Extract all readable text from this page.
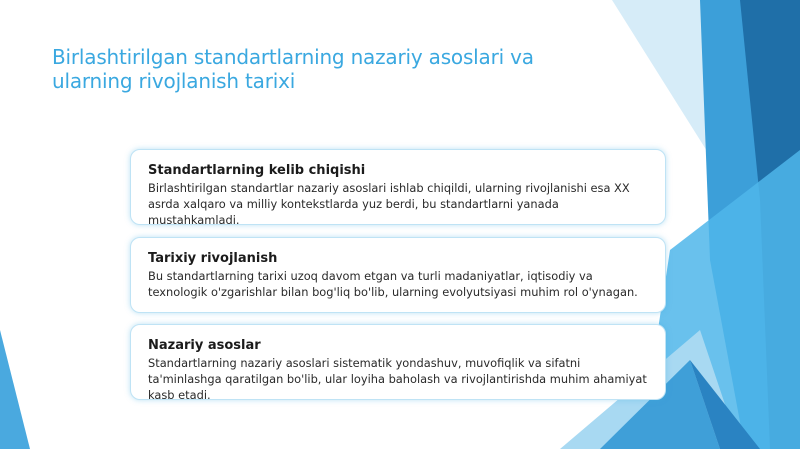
Birlashtirilgan standartlarning nazariy asoslari va ularning rivojlanish tarixi
Standartlarning kelib chiqishi
Birlashtirilgan standartlar nazariy asoslari ishlab chiqildi, ularning rivojlanishi esa XX asrda xalqaro va milliy kontekstlarda yuz berdi, bu standartlarni yanada mustahkamladi.
Tarixiy rivojlanish
Bu standartlarning tarixi uzoq davom etgan va turli madaniyatlar, iqtisodiy va texnologik o'zgarishlar bilan bog'liq bo'lib, ularning evolyutsiyasi muhim rol o'ynagan.
Nazariy asoslar
Standartlarning nazariy asoslari sistematik yondashuv, muvofiqlik va sifatni ta'minlashga qaratilgan bo'lib, ular loyiha baholash va rivojlantirishda muhim ahamiyat kasb etadi.
